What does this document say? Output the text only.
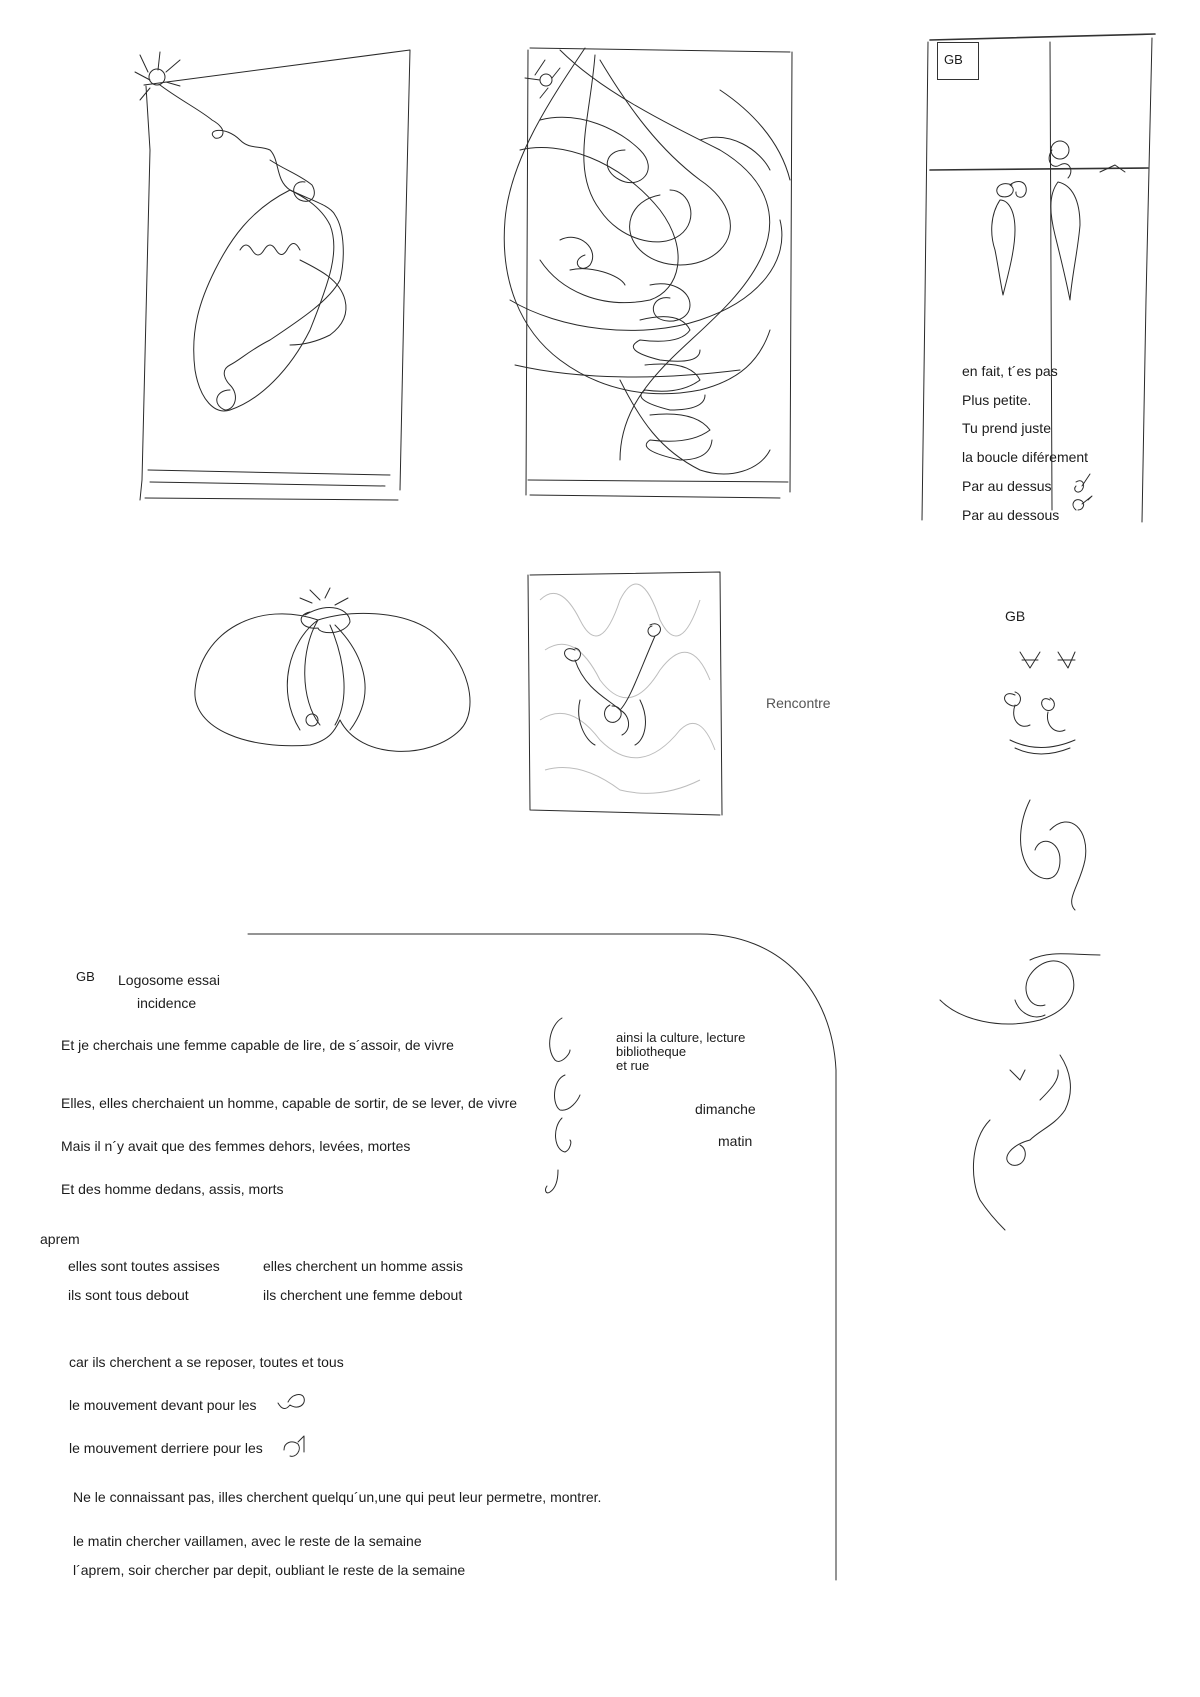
GB
en fait, t´es pas
Plus petite.
Tu prend juste
la boucle diférement
Par au dessus
Par au dessous
Rencontre
GB
GB Logosome essai
incidence
Et je cherchais une femme capable de lire, de s´assoir, de vivre
Elles, elles cherchaient un homme, capable de sortir, de se lever, de vivre
Mais il n´y avait que des femmes dehors, levées, mortes
Et des homme dedans, assis, morts
ainsi la culture, lecture
bibliotheque
et rue
dimanche
matin
aprem
elles sont toutes assises
ils sont tous debout
elles cherchent un homme assis
ils cherchent une femme debout
car ils cherchent a se reposer, toutes et tous
le mouvement devant pour les
le mouvement derriere pour les
Ne le connaissant pas, illes cherchent quelqu´un,une qui peut leur permetre, montrer.
le matin chercher vaillamen, avec le reste de la semaine
l´aprem, soir chercher par depit, oubliant le reste de la semaine
